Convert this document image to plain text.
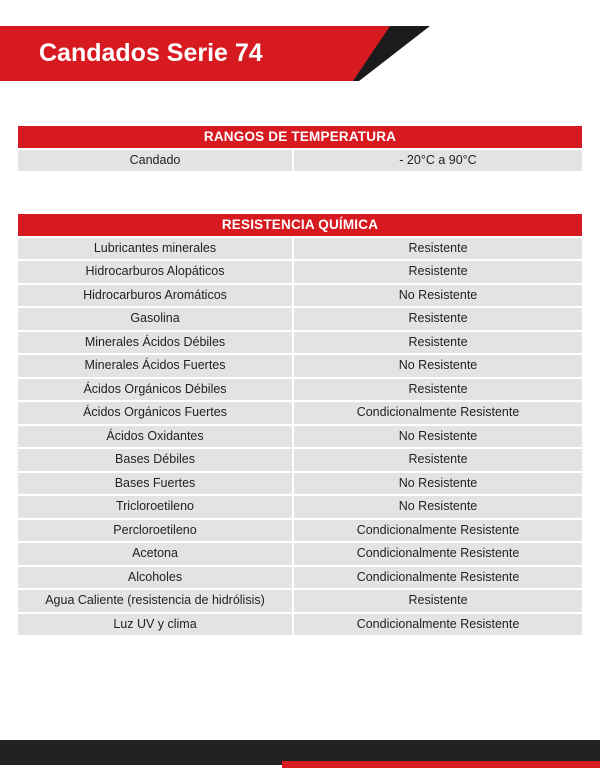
Candados Serie 74
RANGOS DE TEMPERATURA
Candado	- 20°C a 90°C
RESISTENCIA QUÍMICA
Lubricantes minerales	Resistente
Hidrocarburos Alopáticos	Resistente
Hidrocarburos Aromáticos	No Resistente
Gasolina	Resistente
Minerales Ácidos Débiles	Resistente
Minerales Ácidos Fuertes	No Resistente
Ácidos Orgánicos Débiles	Resistente
Ácidos Orgánicos Fuertes	Condicionalmente Resistente
Ácidos Oxidantes	No Resistente
Bases Débiles	Resistente
Bases Fuertes	No Resistente
Tricloroetileno	No Resistente
Percloroetileno	Condicionalmente Resistente
Acetona	Condicionalmente Resistente
Alcoholes	Condicionalmente Resistente
Agua Caliente (resistencia de hidrólisis)	Resistente
Luz UV y clima	Condicionalmente Resistente
